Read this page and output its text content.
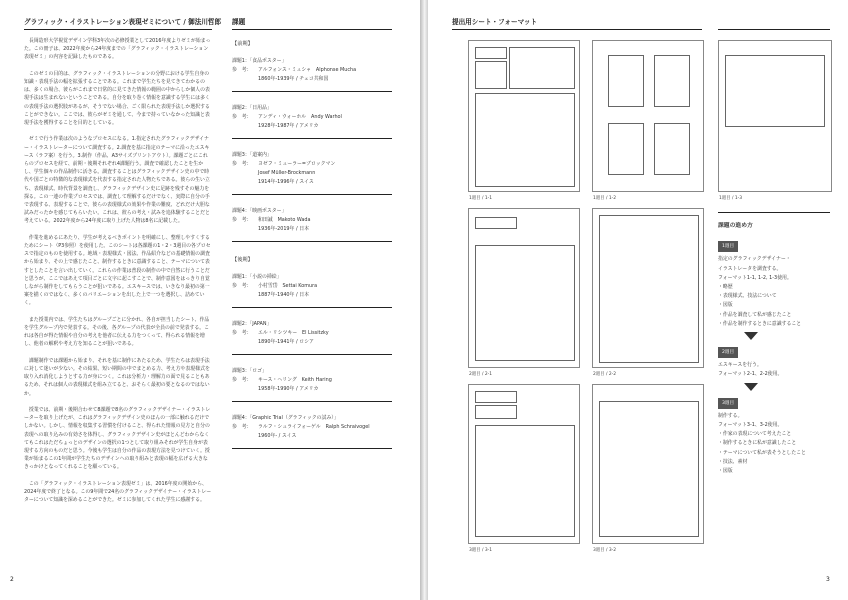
グラフィック・イラストレーション表現ゼミについて / 御法川哲郎

長岡造形大学視覚デザイン学科3年次の必修授業として2016年度よりゼミが始まった。この冊子は、2022年度から24年度までの「グラフィック・イラストレーション表現ゼミ」の内容を記録したものである。

このゼミの目的は、グラフィック・イラストレーションの分野における学生自身の知識・表現手法の幅を拡張することである。これまで学生たちを見てきてわかるのは、多くの場合、彼らがこれまで日常的に見てきた情報の範囲の中からしか個人の表現手法は生まれないということである。自分を取り巻く情報を意識する学生には多くの表現手法の選択肢があるが、そうでない場合、ごく限られた表現手法しか選択することができない。ここでは、彼らがゼミを通して、今まで持っていなかった知識と表現手法を獲得することを目的としている。

ゼミで行う作業は次のようなプロセスになる。1.指定されたグラフィックデザイナー・イラストレーターについて調査する。2.調査を基に指定のテーマに沿ったエスキース（ラフ案）を行う。3.制作（作品、A3サイズプリントアウト）。課題ごとにこれらのプロセスを経て、前期・後期それぞれ4課題行う。調査で確認したことを生かし、学生個々の作品制作に活きる。調査することはグラフィックデザイン史の中で時代や国ごとの特徴的な表現様式を代表する指定された人物たちである。彼らの生い立ち、表現様式、時代背景を調査し、グラフィックデザイン史に足跡を残すその魅力を探る。この一連の作業プロセスでは、調査して理解するだけでなく、実際に自分の手で表現する、表現することで、彼らの表現様式の効果や作業の難度、どれだけ大胆な試みだったかを感じてもらいたい。これは、彼らの考え・試みを追体験することだと考えている。2022年度から24年度に取り上げた人物は8名に記載した。

作業を進めるにあたり、学生が考えるべきポイントを明確にし、整理しやすくするためにシート（P3参照）を使用した。このシートは各課題の1・2・3週目の各プロセスで指定のものを使用する。地域・表現様式・図法、作品紹介などの基礎情報の調査から始まり、その上で感じたこと、制作するときに意識すること、テーマについて表すとしたことを言い出していく。これらの作業は普段の制作の中で自然に行うことだと思うが、ここではあえて項目ごとに文字に起こすことで、制作意図をはっきり自覚しながら制作をしてもらうことが狙いである。エスキースでは、いきなり最初の第一案を描くのではなく、多くのバリエーションを出した上で一つを選択し、詰めていく。

また授業内では、学生たちはグループごとに分かれ、各自が担当したシート、作品を学生グループ内で発表する。その後、各グループの代表が全員の前で発表する。これは各自が得た情報や自分の考えを他者に伝える力をつくって、得られる情報を増し、他者の解釈や考え方を知ることが狙いである。

課題制作では課題から始まり、それを基に制作にあたるため、学生たちは表現手法に対して迷いが少ない。その結果、短い期間の中でまとめる力、考え方や表現様式を取り入れ消化しようとする力が身につく。これは分析力・理解力の面で見ることもあるため、それは個人の表現様式を組み立てると、おそらく最初の要となるのではないか。

授業では、前期・後期合わせて8課題で8名のグラフィックデザイナー・イラストレーターを取り上げたが、これはグラフィックデザイン史のほんの一部に触れるだけでしかない。しかし、情報を収集する習慣を付けること、得られた情報の見方と自分の表現への取り込みの有効さを体得し、グラフィックデザイン史がほとんどわからなくてもこれはただちょっとのデザインの選択の1つとして取り組みそれが学生自身が表現する方向のものだと思う。今後も学生は自分の作品の表現方法を見つけていく。授業が始まるこの1年間が学生たちのデザインへの取り組みと表現の幅を広げる大きなきっかけとなってくれることを願っている。

この「グラフィック・イラストレーション表現ゼミ」は、2016年度の開始から、2024年度で終了となる。この9年間で24名のグラフィックデザイナー・イラストレーターについて知識を深めることができた。ゼミに参加してくれた学生に感謝する。

課題
【前期】
課題1：「食品ポスター」
参　考： アルフォンス・ミュシャ　Alphonse Mucha
1860年-1939年 / チェコ共和国
課題2：「日用品」
参　考： アンディ・ウォーホル　Andy Warhol
1928年-1987年 / アメリカ
課題3：「道案内」
参　考： ヨゼフ・ミューラー=ブロックマン
Josef Müller-Brockmann
1914年-1996年 / スイス
課題4：「映画ポスター」
参　考： 和田誠　Makoto Wada
1936年-2019年 / 日本
【後期】
課題1：「小説の挿絵」
参　考： 小村雪岱　Settai Komura
1887年-1940年 / 日本
課題2：「JAPAN」
参　考： エル・リシツキー　El Lissitzky
1890年-1941年 / ロシア
課題3：「ロゴ」
参　考： キース・ヘリング　Keith Haring
1958年-1990年 / アメリカ
課題4：「Graphic Trial（グラフィックの試み）」
参　考： ラルフ・シュライフォーゲル　Ralph Schraivogel
1960年- / スイス
2
提出用シート・フォーマット
1週目 / 1-1	1週目 / 1-2	1週目 / 1-3
2週目 / 2-1	2週目 / 2-2
3週目 / 3-1	3週目 / 3-2
課題の進め方
1週目
指定のグラフィックデザイナー・
イラストレータを調査する。
フォーマット1-1, 1-2, 1-3使用。
・略歴
・表現様式、技法について
・図版
・作品を調査して私が感じたこと
・作品を制作するときに意識すること
2週目
エスキースを行う。
フォーマット2-1、2-2使用。
3週目
制作する。
フォーマット3-1、3-2使用。
・作家の表現について考えたこと
・制作するときに私が意識したこと
・テーマについて私が表そうとしたこと
・技法、素材
・図版
3
